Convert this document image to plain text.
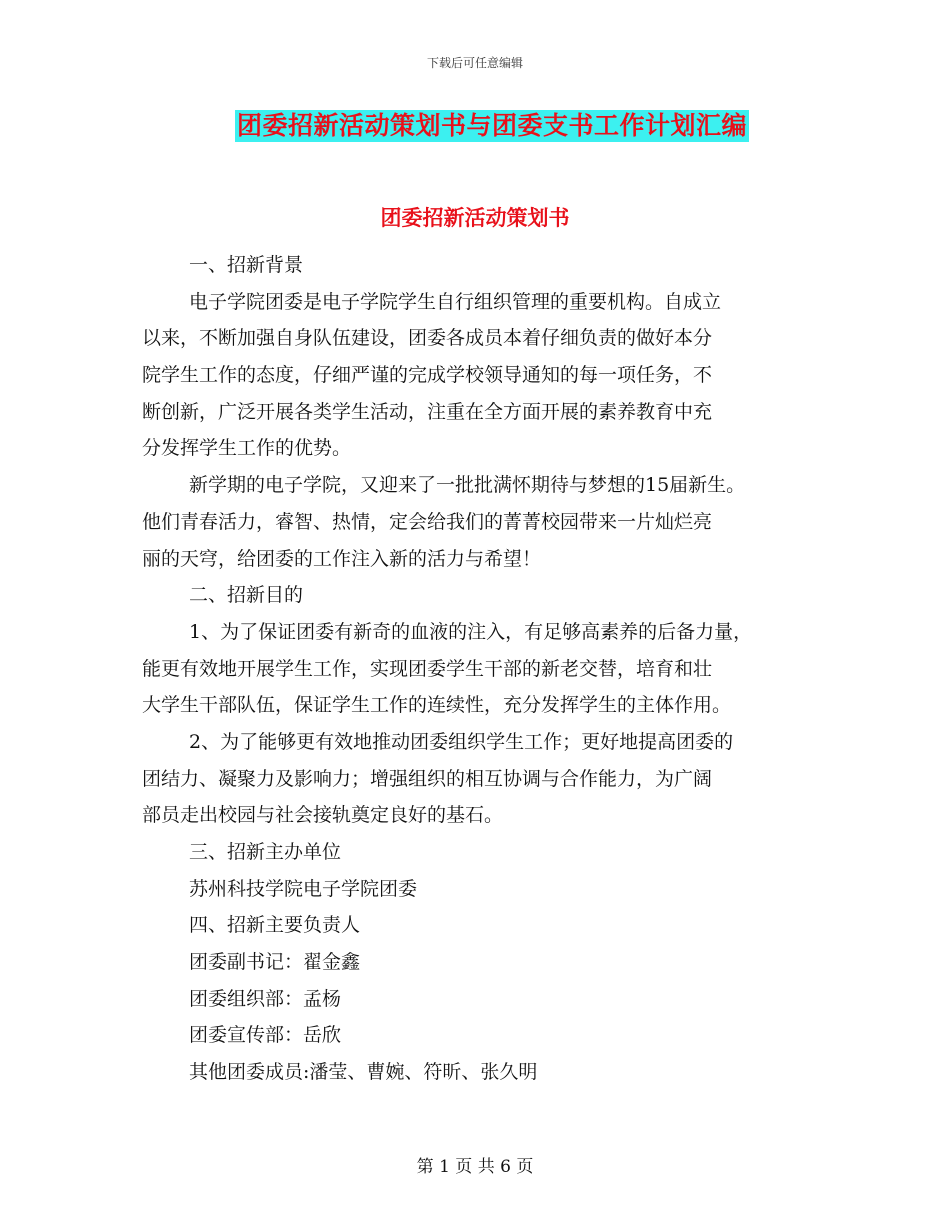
下载后可任意编辑
团委招新活动策划书与团委支书工作计划汇编
团委招新活动策划书
一、招新背景
电子学院团委是电子学院学生自行组织管理的重要机构。自成立
以来，不断加强自身队伍建设，团委各成员本着仔细负责的做好本分
院学生工作的态度，仔细严谨的完成学校领导通知的每一项任务，不
断创新，广泛开展各类学生活动，注重在全方面开展的素养教育中充
分发挥学生工作的优势。
新学期的电子学院，又迎来了一批批满怀期待与梦想的15届新生。
他们青春活力，睿智、热情，定会给我们的菁菁校园带来一片灿烂亮
丽的天穹，给团委的工作注入新的活力与希望！
二、招新目的
1、为了保证团委有新奇的血液的注入，有足够高素养的后备力量，
能更有效地开展学生工作，实现团委学生干部的新老交替，培育和壮
大学生干部队伍，保证学生工作的连续性，充分发挥学生的主体作用。
2、为了能够更有效地推动团委组织学生工作；更好地提高团委的
团结力、凝聚力及影响力；增强组织的相互协调与合作能力，为广阔
部员走出校园与社会接轨奠定良好的基石。
三、招新主办单位
苏州科技学院电子学院团委
四、招新主要负责人
团委副书记：翟金鑫
团委组织部：孟杨
团委宣传部：岳欣
其他团委成员:潘莹、曹婉、符昕、张久明
第 1 页 共 6 页
